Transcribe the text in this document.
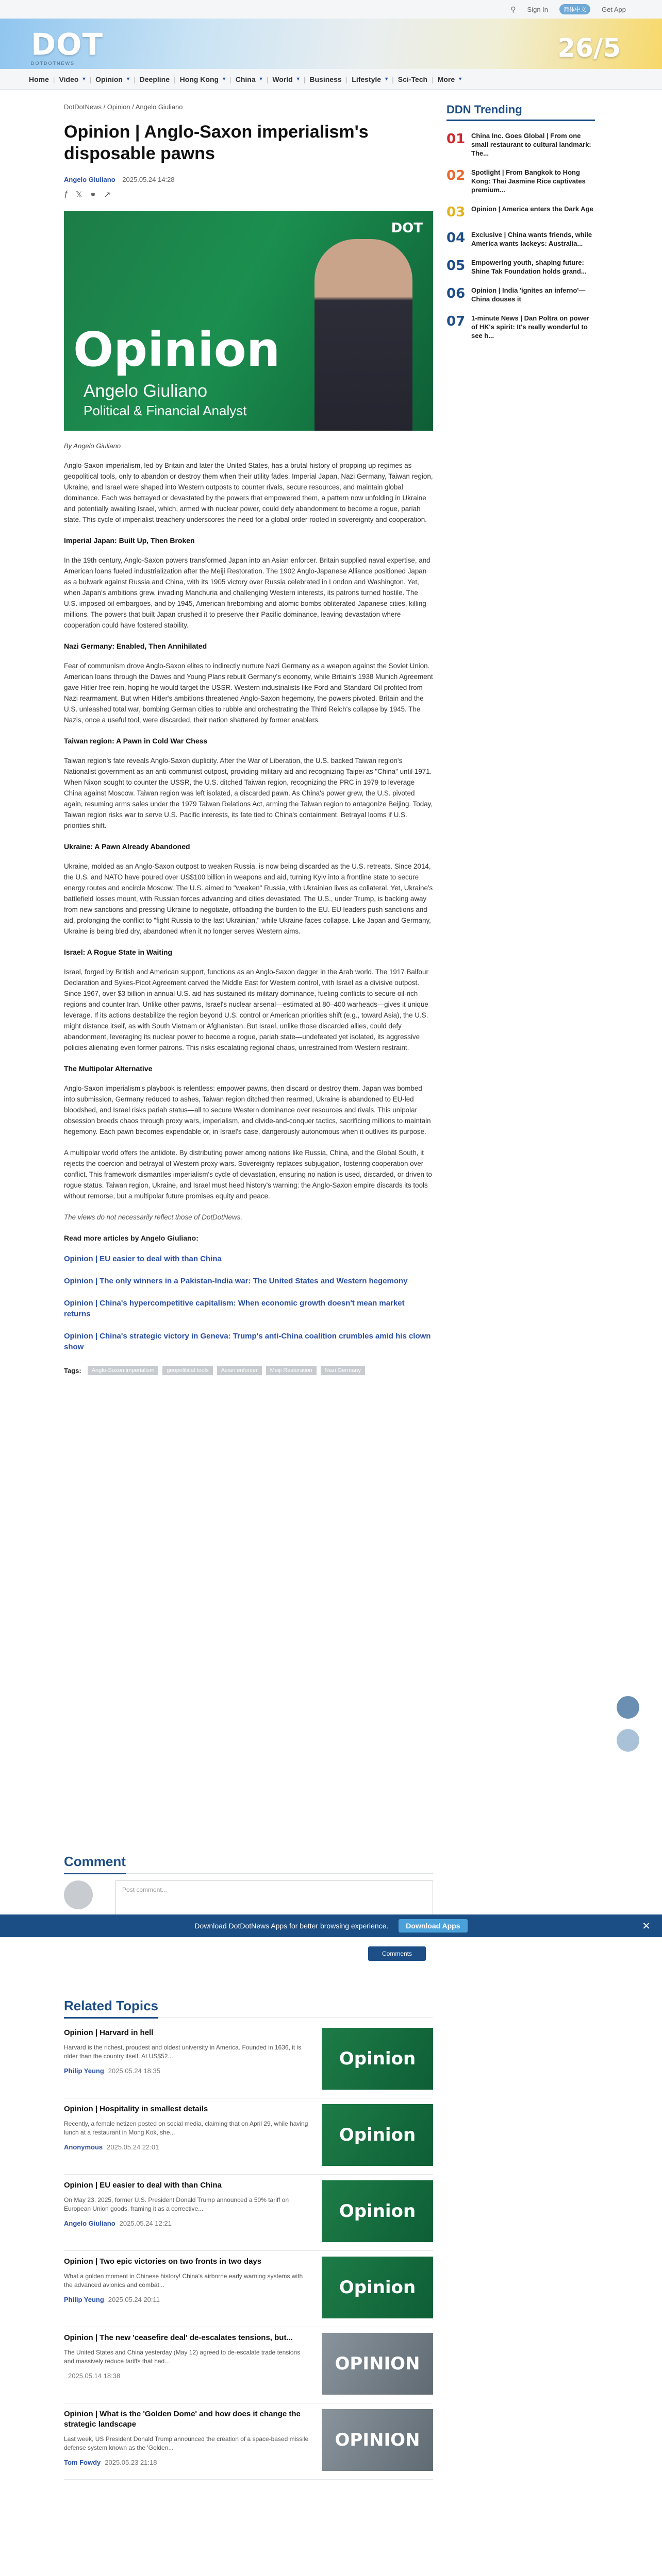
⚲ Sign In	简体中文	Get App
DOT
DOTDOTNEWS
26/5
Home | Video ▾ | Opinion ▾ | Deepline | Hong Kong ▾ | China ▾ | World ▾ | Business | Lifestyle ▾ | Sci-Tech | More ▾
DotDotNews / Opinion / Angelo Giuliano
Opinion | Anglo-Saxon imperialism's disposable pawns
Angelo Giuliano 2025.05.24 14:28
ƒ 𝕏 ⚭ ↗
DOT
Opinion
Angelo Giuliano
Political & Financial Analyst
By Angelo Giuliano

Anglo-Saxon imperialism, led by Britain and later the United States, has a brutal history of propping up regimes as geopolitical tools, only to abandon or destroy them when their utility fades. Imperial Japan, Nazi Germany, Taiwan region, Ukraine, and Israel were shaped into Western outposts to counter rivals, secure resources, and maintain global dominance. Each was betrayed or devastated by the powers that empowered them, a pattern now unfolding in Ukraine and potentially awaiting Israel, which, armed with nuclear power, could defy abandonment to become a rogue, pariah state. This cycle of imperialist treachery underscores the need for a global order rooted in sovereignty and cooperation.

Imperial Japan: Built Up, Then Broken

In the 19th century, Anglo-Saxon powers transformed Japan into an Asian enforcer. Britain supplied naval expertise, and American loans fueled industrialization after the Meiji Restoration. The 1902 Anglo-Japanese Alliance positioned Japan as a bulwark against Russia and China, with its 1905 victory over Russia celebrated in London and Washington. Yet, when Japan's ambitions grew, invading Manchuria and challenging Western interests, its patrons turned hostile. The U.S. imposed oil embargoes, and by 1945, American firebombing and atomic bombs obliterated Japanese cities, killing millions. The powers that built Japan crushed it to preserve their Pacific dominance, leaving devastation where cooperation could have fostered stability.

Nazi Germany: Enabled, Then Annihilated

Fear of communism drove Anglo-Saxon elites to indirectly nurture Nazi Germany as a weapon against the Soviet Union. American loans through the Dawes and Young Plans rebuilt Germany's economy, while Britain's 1938 Munich Agreement gave Hitler free rein, hoping he would target the USSR. Western industrialists like Ford and Standard Oil profited from Nazi rearmament. But when Hitler's ambitions threatened Anglo-Saxon hegemony, the powers pivoted. Britain and the U.S. unleashed total war, bombing German cities to rubble and orchestrating the Third Reich's collapse by 1945. The Nazis, once a useful tool, were discarded, their nation shattered by former enablers.

Taiwan region: A Pawn in Cold War Chess

Taiwan region's fate reveals Anglo-Saxon duplicity. After the War of Liberation, the U.S. backed Taiwan region's Nationalist government as an anti-communist outpost, providing military aid and recognizing Taipei as "China" until 1971. When Nixon sought to counter the USSR, the U.S. ditched Taiwan region, recognizing the PRC in 1979 to leverage China against Moscow. Taiwan region was left isolated, a discarded pawn. As China's power grew, the U.S. pivoted again, resuming arms sales under the 1979 Taiwan Relations Act, arming the Taiwan region to antagonize Beijing. Today, Taiwan region risks war to serve U.S. Pacific interests, its fate tied to China's containment. Betrayal looms if U.S. priorities shift.

Ukraine: A Pawn Already Abandoned

Ukraine, molded as an Anglo-Saxon outpost to weaken Russia, is now being discarded as the U.S. retreats. Since 2014, the U.S. and NATO have poured over US$100 billion in weapons and aid, turning Kyiv into a frontline state to secure energy routes and encircle Moscow. The U.S. aimed to "weaken" Russia, with Ukrainian lives as collateral. Yet, Ukraine's battlefield losses mount, with Russian forces advancing and cities devastated. The U.S., under Trump, is backing away from new sanctions and pressing Ukraine to negotiate, offloading the burden to the EU. EU leaders push sanctions and aid, prolonging the conflict to "fight Russia to the last Ukrainian," while Ukraine faces collapse. Like Japan and Germany, Ukraine is being bled dry, abandoned when it no longer serves Western aims.

Israel: A Rogue State in Waiting

Israel, forged by British and American support, functions as an Anglo-Saxon dagger in the Arab world. The 1917 Balfour Declaration and Sykes-Picot Agreement carved the Middle East for Western control, with Israel as a divisive outpost. Since 1967, over $3 billion in annual U.S. aid has sustained its military dominance, fueling conflicts to secure oil-rich regions and counter Iran. Unlike other pawns, Israel's nuclear arsenal—estimated at 80–400 warheads—gives it unique leverage. If its actions destabilize the region beyond U.S. control or American priorities shift (e.g., toward Asia), the U.S. might distance itself, as with South Vietnam or Afghanistan. But Israel, unlike those discarded allies, could defy abandonment, leveraging its nuclear power to become a rogue, pariah state—undefeated yet isolated, its aggressive policies alienating even former patrons. This risks escalating regional chaos, unrestrained from Western restraint.

The Multipolar Alternative

Anglo-Saxon imperialism's playbook is relentless: empower pawns, then discard or destroy them. Japan was bombed into submission, Germany reduced to ashes, Taiwan region ditched then rearmed, Ukraine is abandoned to EU-led bloodshed, and Israel risks pariah status—all to secure Western dominance over resources and rivals. This unipolar obsession breeds chaos through proxy wars, imperialism, and divide-and-conquer tactics, sacrificing millions to maintain hegemony. Each pawn becomes expendable or, in Israel's case, dangerously autonomous when it outlives its purpose.

A multipolar world offers the antidote. By distributing power among nations like Russia, China, and the Global South, it rejects the coercion and betrayal of Western proxy wars. Sovereignty replaces subjugation, fostering cooperation over conflict. This framework dismantles imperialism's cycle of devastation, ensuring no nation is used, discarded, or driven to rogue status. Taiwan region, Ukraine, and Israel must heed history's warning: the Anglo-Saxon empire discards its tools without remorse, but a multipolar future promises equity and peace.

The views do not necessarily reflect those of DotDotNews.

Read more articles by Angelo Giuliano:
Opinion | EU easier to deal with than China
Opinion | The only winners in a Pakistan-India war: The United States and Western hegemony
Opinion | China's hypercompetitive capitalism: When economic growth doesn't mean market returns
Opinion | China's strategic victory in Geneva: Trump's anti-China coalition crumbles amid his clown show
Tags:	Anglo-Saxon imperialism	geopolitical tools	Asian enforcer	Meiji Restoration	Nazi Germany
DDN Trending
01 China Inc. Goes Global | From one small restaurant to cultural landmark: The...
02 Spotlight | From Bangkok to Hong Kong: Thai Jasmine Rice captivates premium...
03 Opinion | America enters the Dark Age
04 Exclusive | China wants friends, while America wants lackeys: Australia...
05 Empowering youth, shaping future: Shine Tak Foundation holds grand...
06 Opinion | India 'ignites an inferno'—China douses it
07 1-minute News | Dan Poltra on power of HK's spirit: It's really wonderful to see h...
Comment
Post comment...
Download DotDotNews Apps for better browsing experience.	Download Apps	✕
Comments
Related Topics
Opinion | Harvard in hell
Harvard is the richest, proudest and oldest university in America. Founded in 1636, it is older than the country itself. At US$52...
Philip Yeung 2025.05.24 18:35
Opinion
Opinion | Hospitality in smallest details
Recently, a female netizen posted on social media, claiming that on April 29, while having lunch at a restaurant in Mong Kok, she...
Anonymous 2025.05.24 22:01
Opinion
Opinion | EU easier to deal with than China
On May 23, 2025, former U.S. President Donald Trump announced a 50% tariff on European Union goods, framing it as a corrective...
Angelo Giuliano 2025.05.24 12:21
Opinion
Opinion | Two epic victories on two fronts in two days
What a golden moment in Chinese history! China's airborne early warning systems with the advanced avionics and combat...
Philip Yeung 2025.05.24 20:11
Opinion
Opinion | The new 'ceasefire deal' de-escalates tensions, but...
The United States and China yesterday (May 12) agreed to de-escalate trade tensions and massively reduce tariffs that had...
2025.05.14 18:38
OPINION
Opinion | What is the 'Golden Dome' and how does it change the strategic landscape
Last week, US President Donald Trump announced the creation of a space-based missile defense system known as the 'Golden...
Tom Fowdy 2025.05.23 21:18
OPINION
